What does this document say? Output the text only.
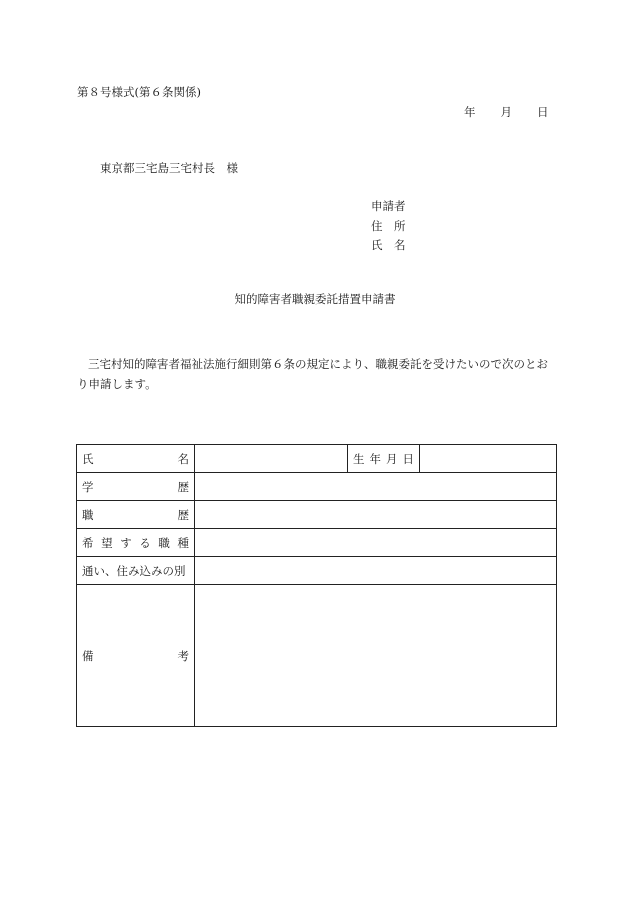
第８号様式(第６条関係)
年 月 日
東京都三宅島三宅村長　様
申請者
住　所
氏　名
知的障害者職親委託措置申請書
三宅村知的障害者福祉法施行細則第６条の規定により、職親委託を受けたいので次のとおり申請します。
氏名		生年月日	
学歴			
職歴			
希望する職種			
通い、住み込みの別			
備考			
